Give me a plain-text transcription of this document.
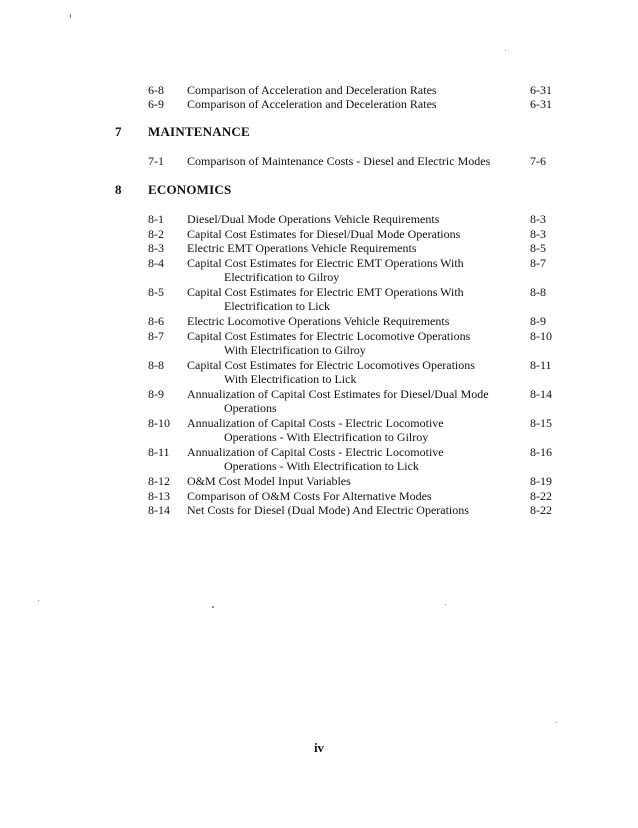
6-8 Comparison of Acceleration and Deceleration Rates	6-31
6-9 Comparison of Acceleration and Deceleration Rates	6-31
7 MAINTENANCE
7-1 Comparison of Maintenance Costs - Diesel and Electric Modes	7-6
8 ECONOMICS
8-1 Diesel/Dual Mode Operations Vehicle Requirements	8-3
8-2 Capital Cost Estimates for Diesel/Dual Mode Operations	8-3
8-3 Electric EMT Operations Vehicle Requirements	8-5
8-4 Capital Cost Estimates for Electric EMT Operations With	8-7
Electrification to Gilroy
8-5 Capital Cost Estimates for Electric EMT Operations With	8-8
Electrification to Lick
8-6 Electric Locomotive Operations Vehicle Requirements	8-9
8-7 Capital Cost Estimates for Electric Locomotive Operations	8-10
With Electrification to Gilroy
8-8 Capital Cost Estimates for Electric Locomotives Operations	8-11
With Electrification to Lick
8-9 Annualization of Capital Cost Estimates for Diesel/Dual Mode	8-14
Operations
8-10 Annualization of Capital Costs - Electric Locomotive	8-15
Operations - With Electrification to Gilroy
8-11 Annualization of Capital Costs - Electric Locomotive	8-16
Operations - With Electrification to Lick
8-12 O&M Cost Model Input Variables	8-19
8-13 Comparison of O&M Costs For Alternative Modes	8-22
8-14 Net Costs for Diesel (Dual Mode) And Electric Operations	8-22
iv
